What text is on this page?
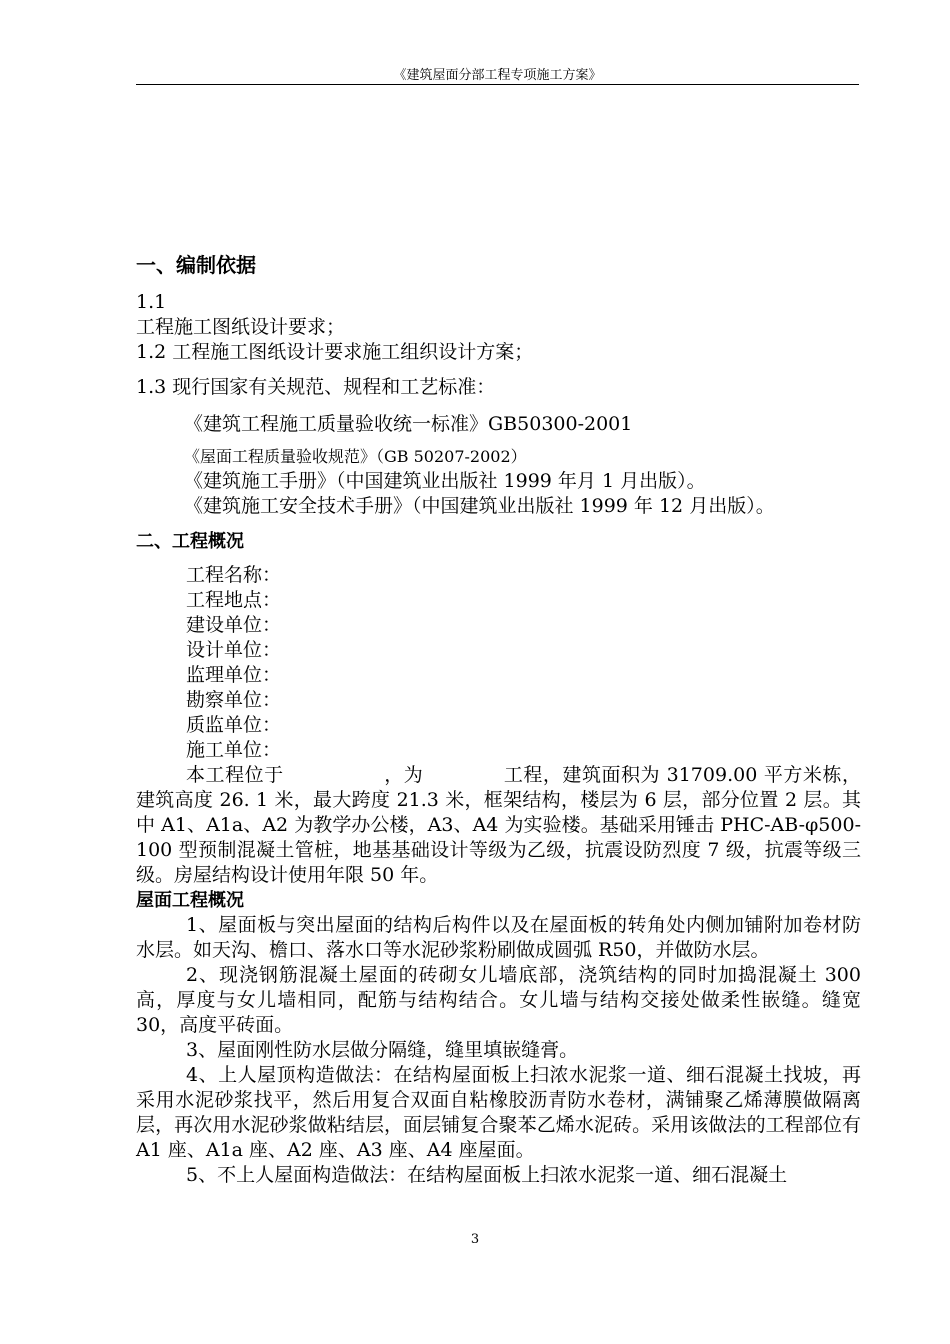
《建筑屋面分部工程专项施工方案》
一、编制依据
1.1
工程施工图纸设计要求；
1.2 工程施工图纸设计要求施工组织设计方案；
1.3 现行国家有关规范、规程和工艺标准：
《建筑工程施工质量验收统一标准》GB50300-2001
《屋面工程质量验收规范》（GB 50207-2002）
《建筑施工手册》（中国建筑业出版社 1999 年月 1 月出版）。
《建筑施工安全技术手册》（中国建筑业出版社 1999 年 12 月出版）。
二、工程概况
工程名称：
工程地点：
建设单位：
设计单位：
监理单位：
勘察单位：
质监单位：
施工单位：
本工程位于	，为	工程，建筑面积为 31709.00 平方米栋，建筑高度 26. 1 米，最大跨度 21.3 米，框架结构，楼层为 6 层，部分位置 2 层。其中 A1、A1a、A2 为教学办公楼，A3、A4 为实验楼。基础采用锤击 PHC-AB-φ500-100 型预制混凝土管桩，地基基础设计等级为乙级，抗震设防烈度 7 级，抗震等级三级。房屋结构设计使用年限 50 年。
屋面工程概况
1、屋面板与突出屋面的结构后构件以及在屋面板的转角处内侧加铺附加卷材防水层。如天沟、檐口、落水口等水泥砂浆粉刷做成圆弧 R50，并做防水层。
2、现浇钢筋混凝土屋面的砖砌女儿墙底部，浇筑结构的同时加捣混凝土 300 高，厚度与女儿墙相同，配筋与结构结合。女儿墙与结构交接处做柔性嵌缝。缝宽 30，高度平砖面。
3、屋面刚性防水层做分隔缝，缝里填嵌缝膏。
4、上人屋顶构造做法：在结构屋面板上扫浓水泥浆一道、细石混凝土找坡，再采用水泥砂浆找平，然后用复合双面自粘橡胶沥青防水卷材，满铺聚乙烯薄膜做隔离层，再次用水泥砂浆做粘结层，面层铺复合聚苯乙烯水泥砖。采用该做法的工程部位有 A1 座、A1a 座、A2 座、A3 座、A4 座屋面。
5、不上人屋面构造做法：在结构屋面板上扫浓水泥浆一道、细石混凝土
3
